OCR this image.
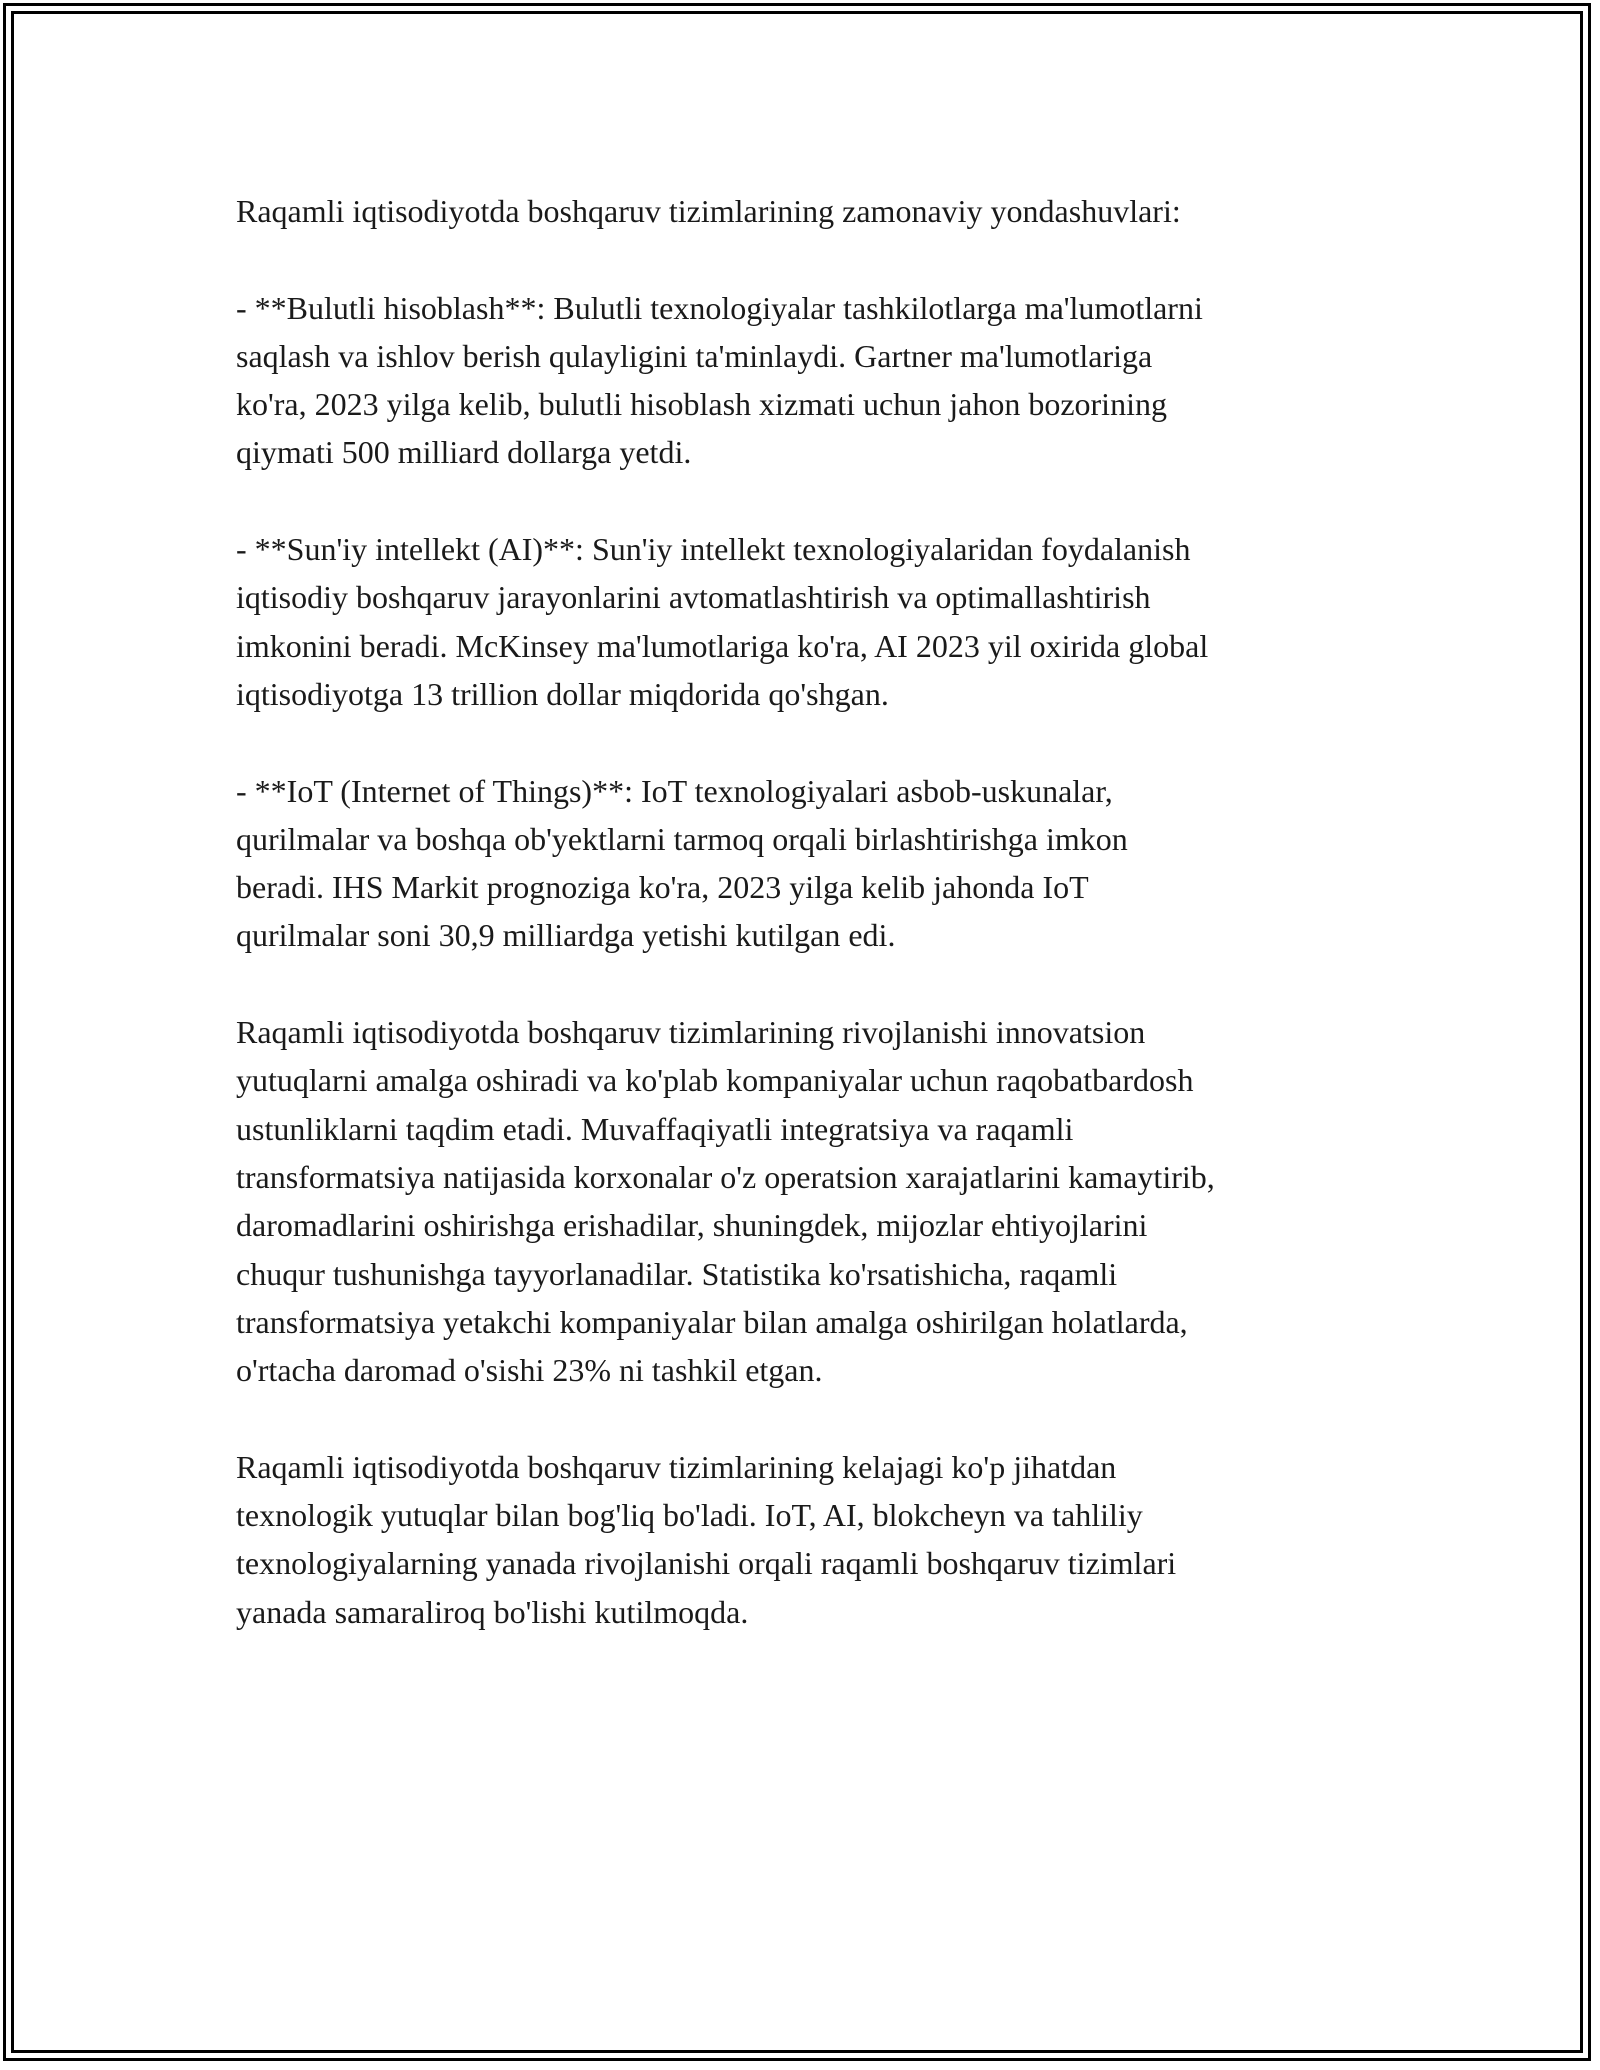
Raqamli iqtisodiyotda boshqaruv tizimlarining zamonaviy yondashuvlari:

- **Bulutli hisoblash**: Bulutli texnologiyalar tashkilotlarga ma'lumotlarni
saqlash va ishlov berish qulayligini ta'minlaydi. Gartner ma'lumotlariga
ko'ra, 2023 yilga kelib, bulutli hisoblash xizmati uchun jahon bozorining
qiymati 500 milliard dollarga yetdi.

- **Sun'iy intellekt (AI)**: Sun'iy intellekt texnologiyalaridan foydalanish
iqtisodiy boshqaruv jarayonlarini avtomatlashtirish va optimallashtirish
imkonini beradi. McKinsey ma'lumotlariga ko'ra, AI 2023 yil oxirida global
iqtisodiyotga 13 trillion dollar miqdorida qo'shgan.

- **IoT (Internet of Things)**: IoT texnologiyalari asbob-uskunalar,
qurilmalar va boshqa ob'yektlarni tarmoq orqali birlashtirishga imkon
beradi. IHS Markit prognoziga ko'ra, 2023 yilga kelib jahonda IoT
qurilmalar soni 30,9 milliardga yetishi kutilgan edi.

Raqamli iqtisodiyotda boshqaruv tizimlarining rivojlanishi innovatsion
yutuqlarni amalga oshiradi va ko'plab kompaniyalar uchun raqobatbardosh
ustunliklarni taqdim etadi. Muvaffaqiyatli integratsiya va raqamli
transformatsiya natijasida korxonalar o'z operatsion xarajatlarini kamaytirib,
daromadlarini oshirishga erishadilar, shuningdek, mijozlar ehtiyojlarini
chuqur tushunishga tayyorlanadilar. Statistika ko'rsatishicha, raqamli
transformatsiya yetakchi kompaniyalar bilan amalga oshirilgan holatlarda,
o'rtacha daromad o'sishi 23% ni tashkil etgan.

Raqamli iqtisodiyotda boshqaruv tizimlarining kelajagi ko'p jihatdan
texnologik yutuqlar bilan bog'liq bo'ladi. IoT, AI, blokcheyn va tahliliy
texnologiyalarning yanada rivojlanishi orqali raqamli boshqaruv tizimlari
yanada samaraliroq bo'lishi kutilmoqda.
